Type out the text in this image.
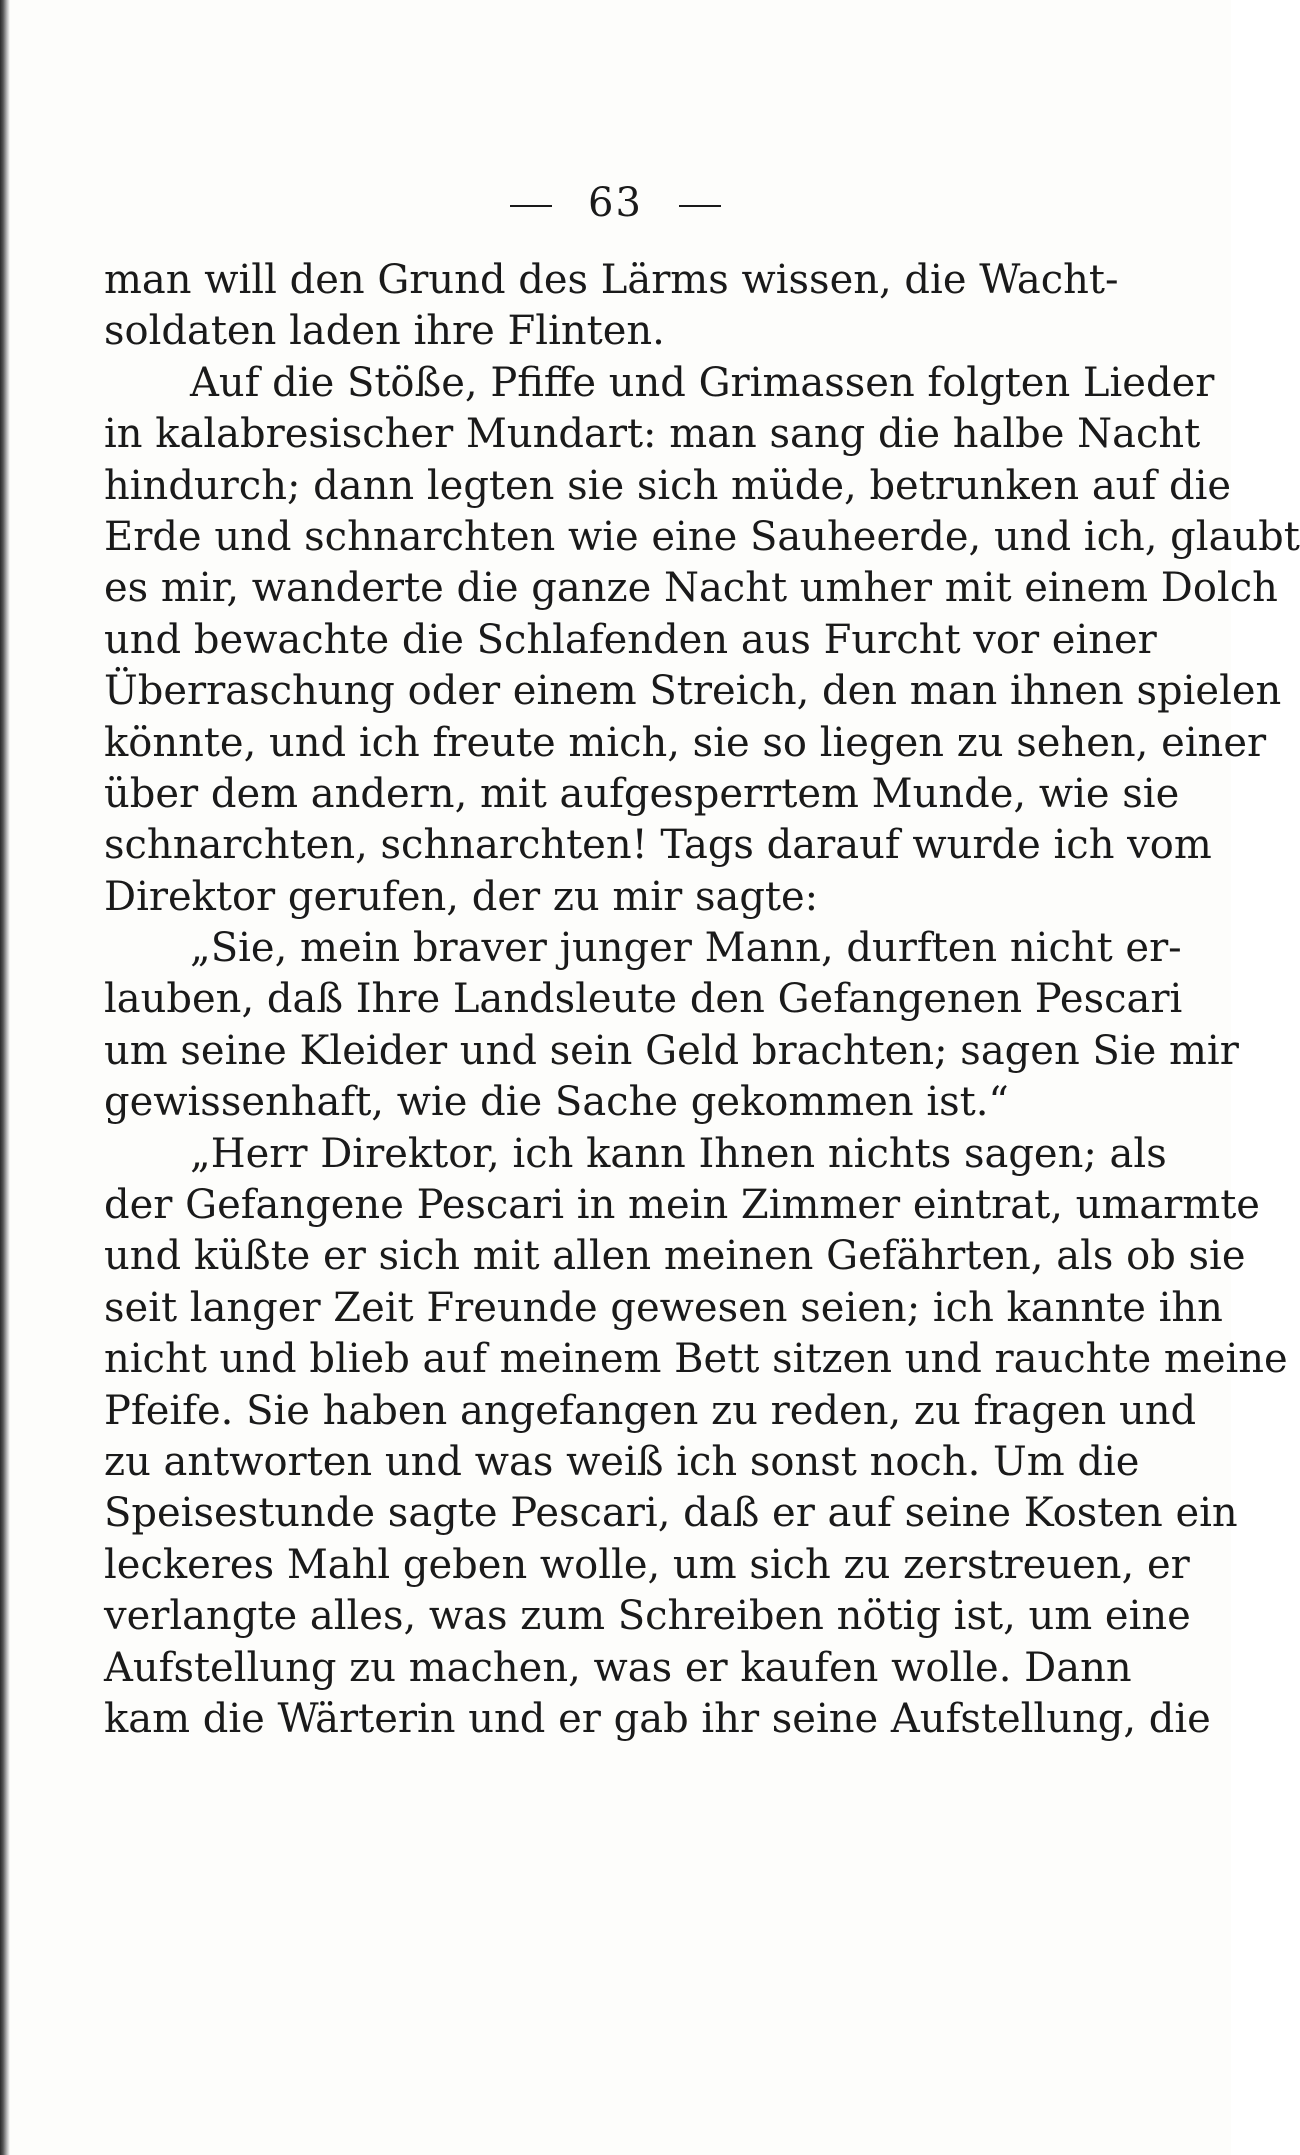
63
man will den Grund des Lärms wissen, die Wacht-
soldaten laden ihre Flinten.
Auf die Stöße, Pfiffe und Grimassen folgten Lieder
in kalabresischer Mundart: man sang die halbe Nacht
hindurch; dann legten sie sich müde, betrunken auf die
Erde und schnarchten wie eine Sauheerde, und ich, glaubt
es mir, wanderte die ganze Nacht umher mit einem Dolch
und bewachte die Schlafenden aus Furcht vor einer
Überraschung oder einem Streich, den man ihnen spielen
könnte, und ich freute mich, sie so liegen zu sehen, einer
über dem andern, mit aufgesperrtem Munde, wie sie
schnarchten, schnarchten! Tags darauf wurde ich vom
Direktor gerufen, der zu mir sagte:
„Sie, mein braver junger Mann, durften nicht er-
lauben, daß Ihre Landsleute den Gefangenen Pescari
um seine Kleider und sein Geld brachten; sagen Sie mir
gewissenhaft, wie die Sache gekommen ist.“
„Herr Direktor, ich kann Ihnen nichts sagen; als
der Gefangene Pescari in mein Zimmer eintrat, umarmte
und küßte er sich mit allen meinen Gefährten, als ob sie
seit langer Zeit Freunde gewesen seien; ich kannte ihn
nicht und blieb auf meinem Bett sitzen und rauchte meine
Pfeife. Sie haben angefangen zu reden, zu fragen und
zu antworten und was weiß ich sonst noch. Um die
Speisestunde sagte Pescari, daß er auf seine Kosten ein
leckeres Mahl geben wolle, um sich zu zerstreuen, er
verlangte alles, was zum Schreiben nötig ist, um eine
Aufstellung zu machen, was er kaufen wolle. Dann
kam die Wärterin und er gab ihr seine Aufstellung, die
